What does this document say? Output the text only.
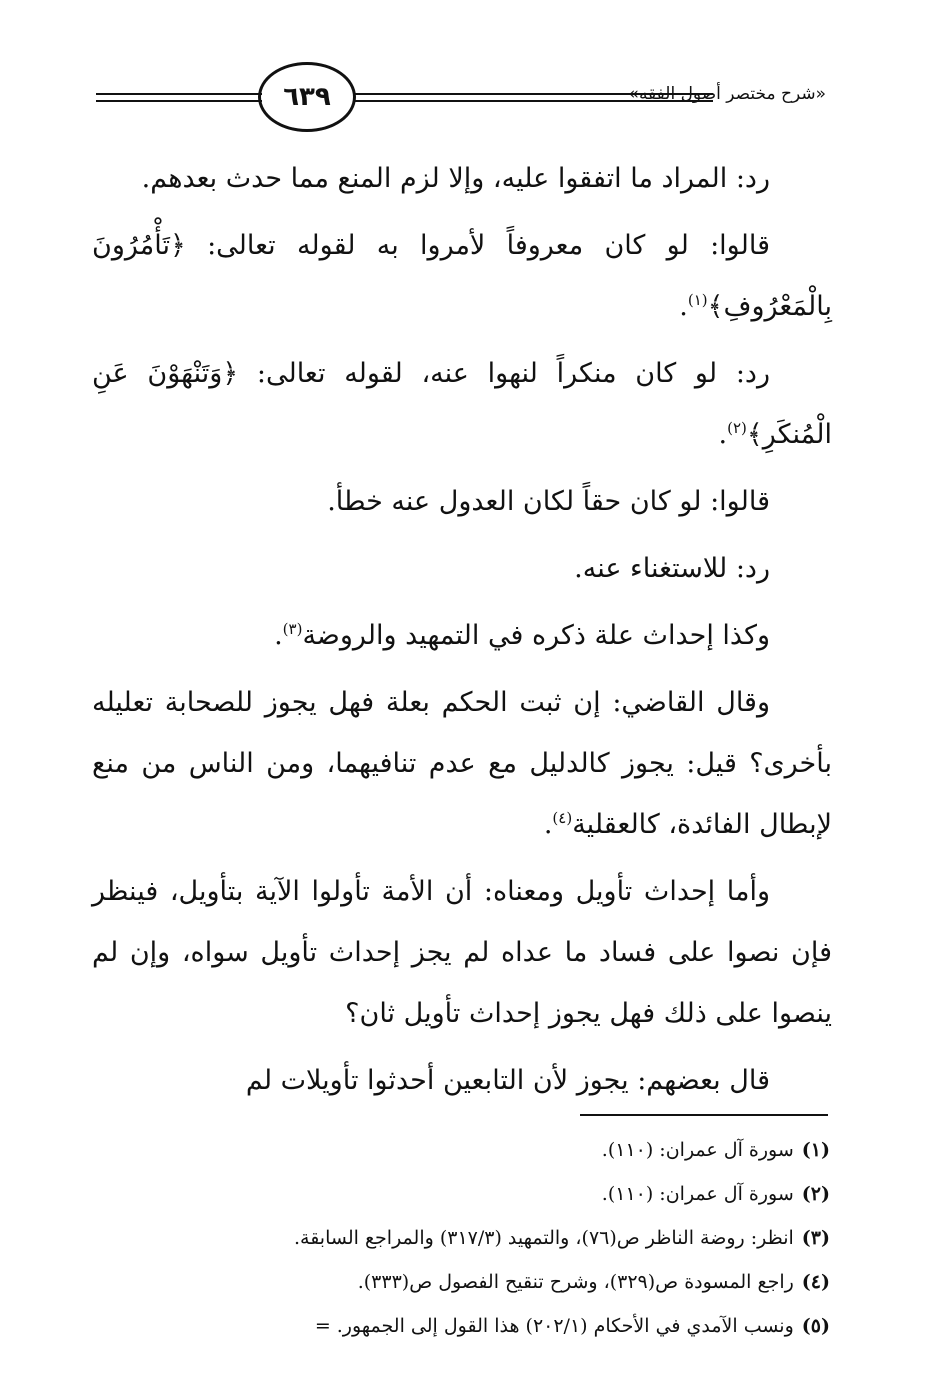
٦٣٩	«شرح مختصر أصول الفقه»

رد: المراد ما اتفقوا عليه، وإلا لزم المنع مما حدث بعدهم.

قالوا: لو كان معروفاً لأمروا به لقوله تعالى: ﴿تَأْمُرُونَ بِالْمَعْرُوفِ﴾$^{(١)}$.

رد: لو كان منكراً لنهوا عنه، لقوله تعالى: ﴿وَتَنْهَوْنَ عَنِ الْمُنكَرِ﴾$^{(٢)}$.

قالوا: لو كان حقاً لكان العدول عنه خطأ.

رد: للاستغناء عنه.

وكذا إحداث علة ذكره في التمهيد والروضة$^{(٣)}$.

وقال القاضي: إن ثبت الحكم بعلة فهل يجوز للصحابة تعليله بأخرى؟ قيل: يجوز كالدليل مع عدم تنافيهما، ومن الناس من منع لإبطال الفائدة، كالعقلية$^{(٤)}$.

وأما إحداث تأويل ومعناه: أن الأمة تأولوا الآية بتأويل، فينظر فإن نصوا على فساد ما عداه لم يجز إحداث تأويل سواه، وإن لم ينصوا على ذلك فهل يجوز إحداث تأويل ثان؟

قال بعضهم: يجوز لأن التابعين أحدثوا تأويلات لم

(١)سورة آل عمران: (١١٠).
(٢)سورة آل عمران: (١١٠).
(٣)انظر: روضة الناظر ص(٧٦)، والتمهيد (٣١٧/٣) والمراجع السابقة.
(٤)راجع المسودة ص(٣٢٩)، وشرح تنقيح الفصول ص(٣٣٣).
(٥)ونسب الآمدي في الأحكام (٢٠٢/١) هذا القول إلى الجمهور. =
